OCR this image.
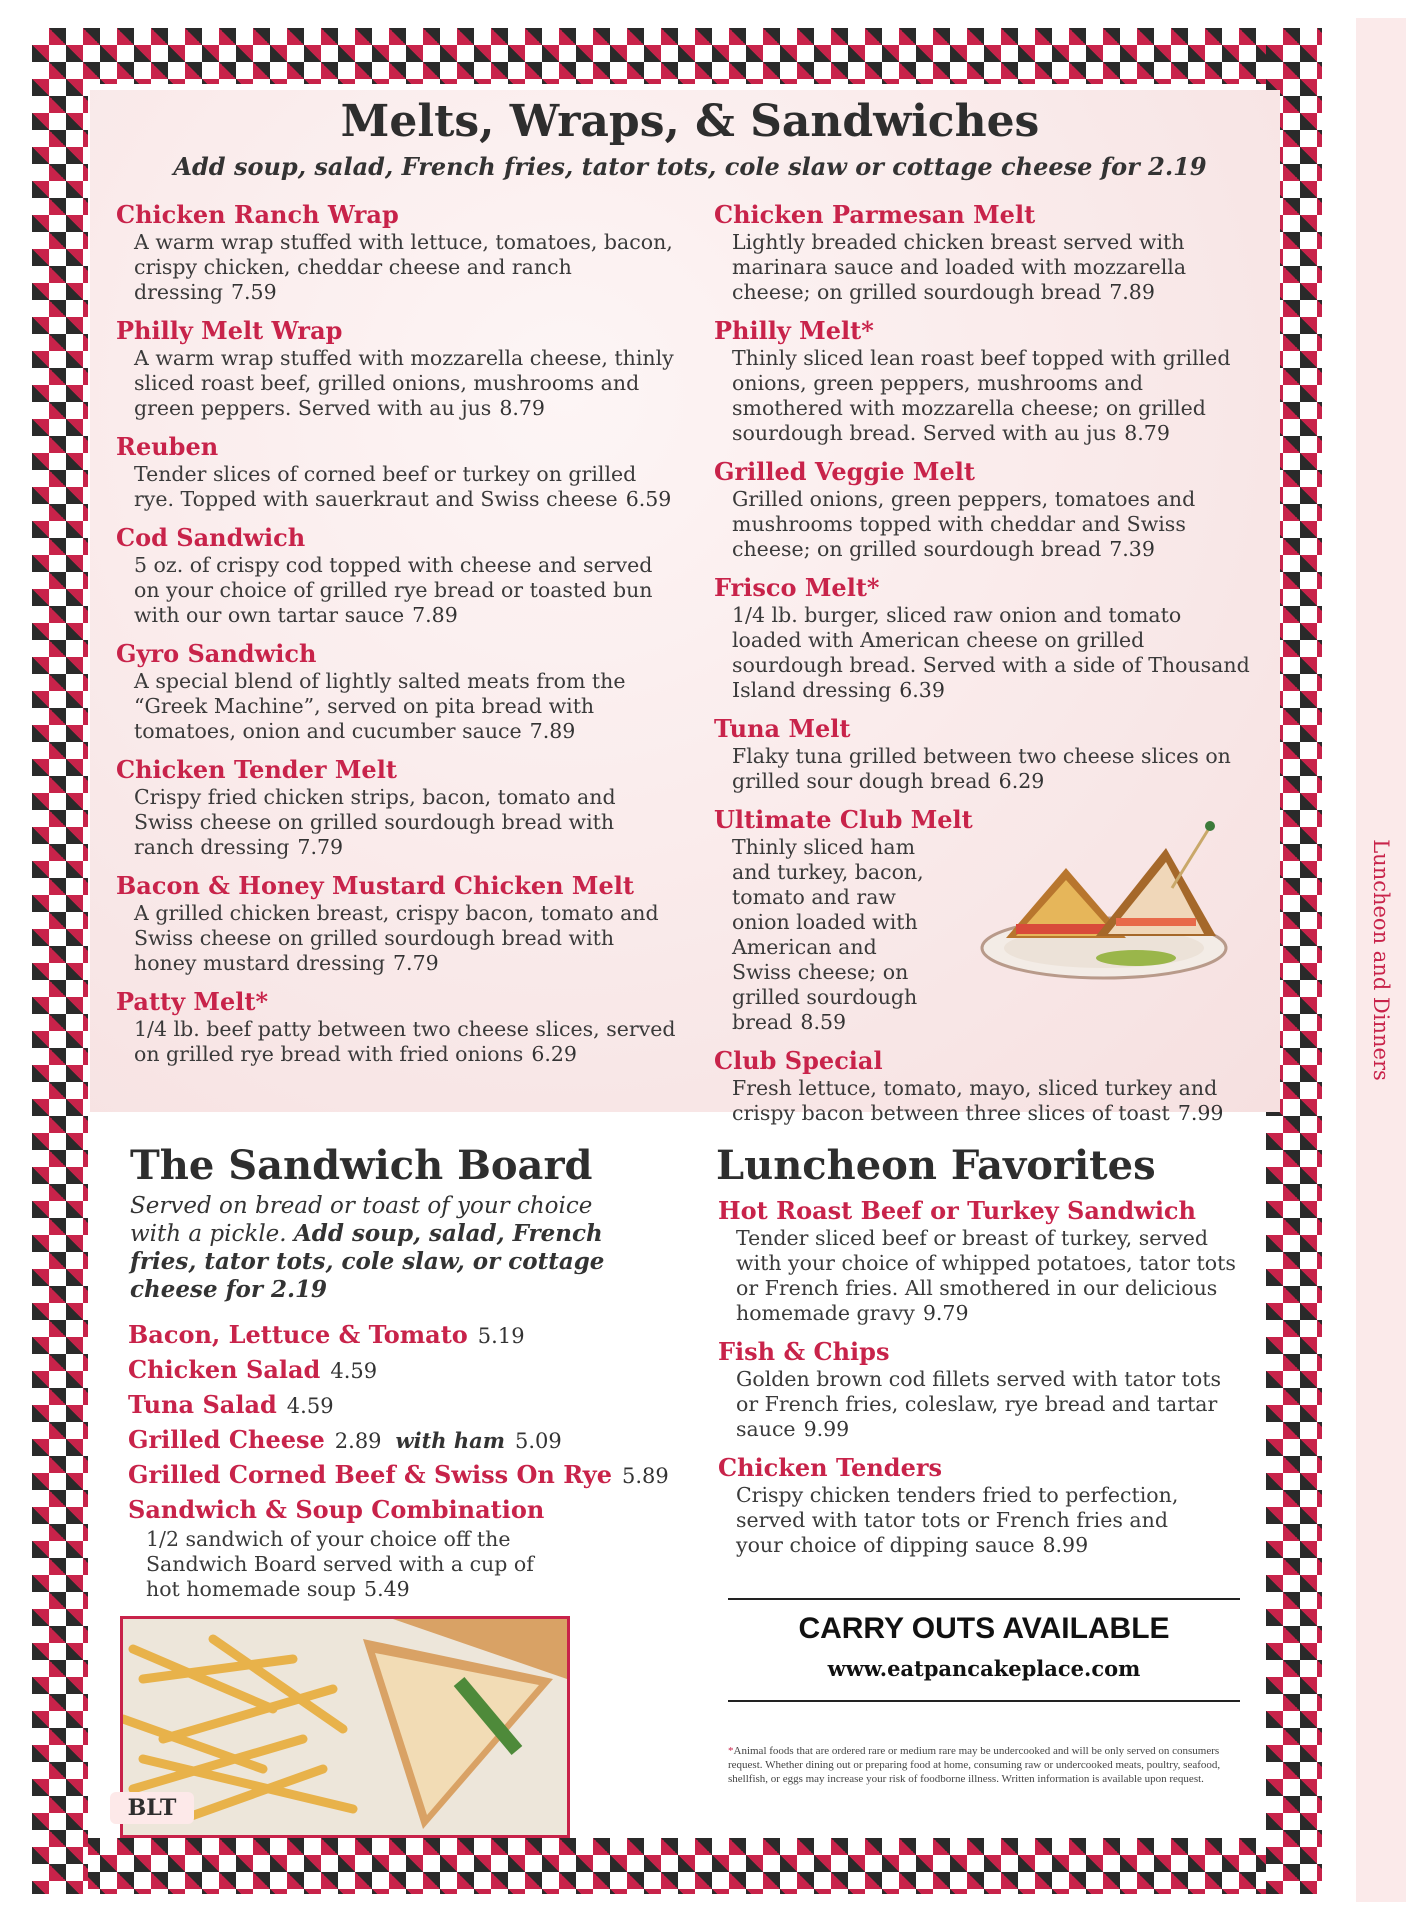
Luncheon and Dinners
Melts, Wraps, & Sandwiches
Add soup, salad, French fries, tator tots, cole slaw or cottage cheese for 2.19
Chicken Ranch Wrap
A warm wrap stuffed with lettuce, tomatoes, bacon, crispy chicken, cheddar cheese and ranch dressing 7.59
Philly Melt Wrap
A warm wrap stuffed with mozzarella cheese, thinly sliced roast beef, grilled onions, mushrooms and green peppers. Served with au jus 8.79
Reuben
Tender slices of corned beef or turkey on grilled rye. Topped with sauerkraut and Swiss cheese 6.59
Cod Sandwich
5 oz. of crispy cod topped with cheese and served on your choice of grilled rye bread or toasted bun with our own tartar sauce 7.89
Gyro Sandwich
A special blend of lightly salted meats from the “Greek Machine”, served on pita bread with tomatoes, onion and cucumber sauce 7.89
Chicken Tender Melt
Crispy fried chicken strips, bacon, tomato and Swiss cheese on grilled sourdough bread with ranch dressing 7.79
Bacon & Honey Mustard Chicken Melt
A grilled chicken breast, crispy bacon, tomato and Swiss cheese on grilled sourdough bread with honey mustard dressing 7.79
Patty Melt*
1/4 lb. beef patty between two cheese slices, served on grilled rye bread with fried onions 6.29
Chicken Parmesan Melt
Lightly breaded chicken breast served with marinara sauce and loaded with mozzarella cheese; on grilled sourdough bread 7.89
Philly Melt*
Thinly sliced lean roast beef topped with grilled onions, green peppers, mushrooms and smothered with mozzarella cheese; on grilled sourdough bread. Served with au jus 8.79
Grilled Veggie Melt
Grilled onions, green peppers, tomatoes and mushrooms topped with cheddar and Swiss cheese; on grilled sourdough bread 7.39
Frisco Melt*
1/4 lb. burger, sliced raw onion and tomato loaded with American cheese on grilled sourdough bread. Served with a side of Thousand Island dressing 6.39
Tuna Melt
Flaky tuna grilled between two cheese slices on grilled sour dough bread 6.29
Ultimate Club Melt
Thinly sliced ham and turkey, bacon, tomato and raw onion loaded with American and Swiss cheese; on grilled sourdough bread 8.59
Club Special
Fresh lettuce, tomato, mayo, sliced turkey and crispy bacon between three slices of toast 7.99
The Sandwich Board
Served on bread or toast of your choice with a pickle. Add soup, salad, French fries, tator tots, cole slaw, or cottage cheese for 2.19
Bacon, Lettuce & Tomato 5.19
Chicken Salad 4.59
Tuna Salad 4.59
Grilled Cheese 2.89 with ham 5.09
Grilled Corned Beef & Swiss On Rye 5.89
Sandwich & Soup Combination
1/2 sandwich of your choice off the Sandwich Board served with a cup of hot homemade soup 5.49
BLT
Luncheon Favorites
Hot Roast Beef or Turkey Sandwich
Tender sliced beef or breast of turkey, served with your choice of whipped potatoes, tator tots or French fries. All smothered in our delicious homemade gravy 9.79
Fish & Chips
Golden brown cod fillets served with tator tots or French fries, coleslaw, rye bread and tartar sauce 9.99
Chicken Tenders
Crispy chicken tenders fried to perfection, served with tator tots or French fries and your choice of dipping sauce 8.99
CARRY OUTS AVAILABLE
www.eatpancakeplace.com
*Animal foods that are ordered rare or medium rare may be undercooked and will be only served on consumers request. Whether dining out or preparing food at home, consuming raw or undercooked meats, poultry, seafood, shellfish, or eggs may increase your risk of foodborne illness. Written information is available upon request.
